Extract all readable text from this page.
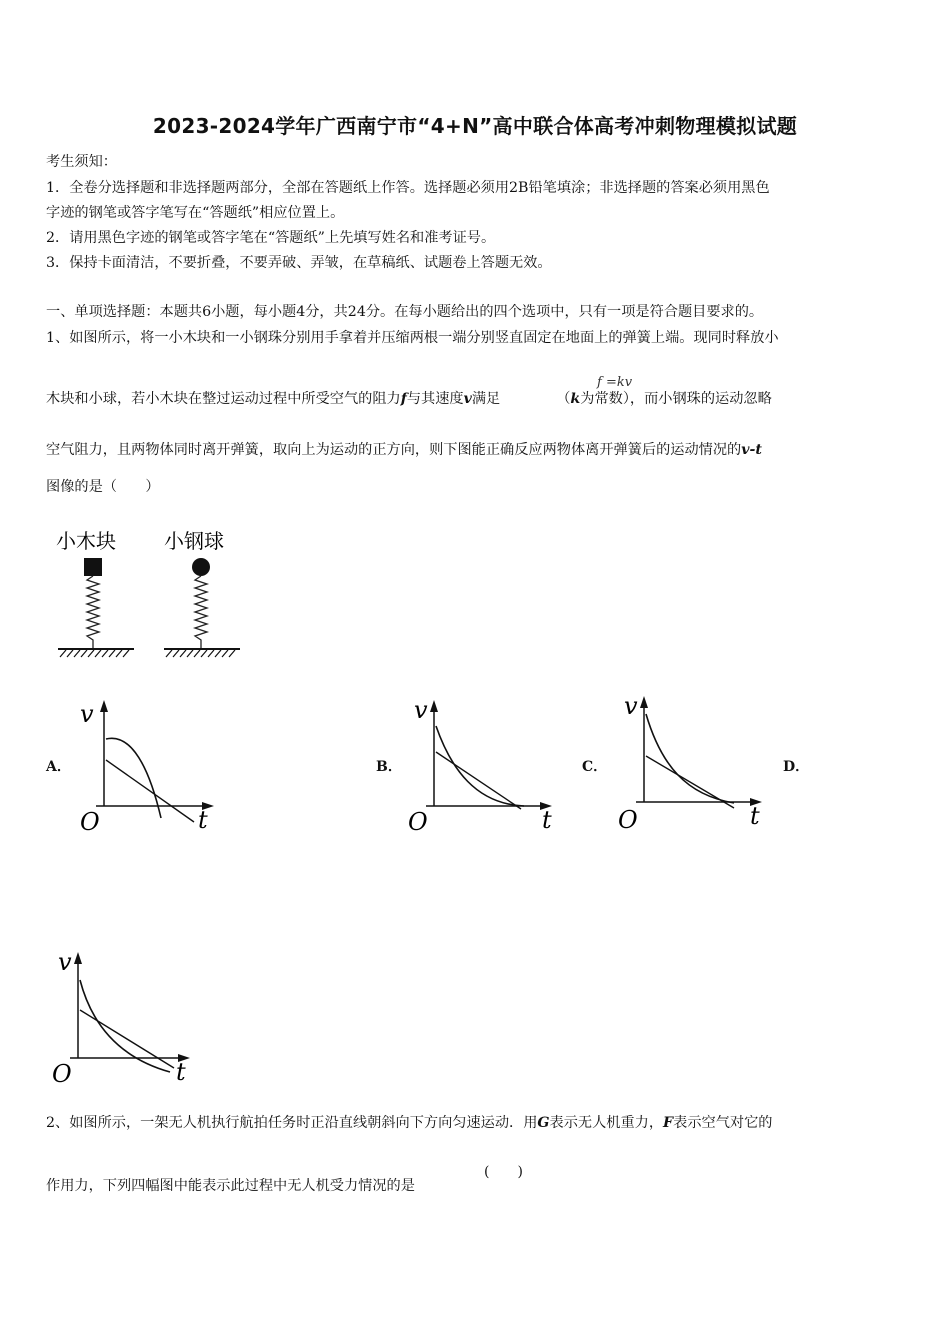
2023-2024学年广西南宁市“4+N”高中联合体高考冲刺物理模拟试题
考生须知：
1．全卷分选择题和非选择题两部分，全部在答题纸上作答。选择题必须用2B铅笔填涂；非选择题的答案必须用黑色
字迹的钢笔或答字笔写在“答题纸”相应位置上。
2．请用黑色字迹的钢笔或答字笔在“答题纸”上先填写姓名和准考证号。
3．保持卡面清洁，不要折叠，不要弄破、弄皱，在草稿纸、试题卷上答题无效。
一、单项选择题：本题共6小题，每小题4分，共24分。在每小题给出的四个选项中，只有一项是符合题目要求的。
1、如图所示，将一小木块和一小钢珠分别用手拿着并压缩两根一端分别竖直固定在地面上的弹簧上端。现同时释放小
木块和小球，若小木块在整过运动过程中所受空气的阻力f与其速度v满足	（k为常数），而小钢珠的运动忽略
f =kv
空气阻力，且两物体同时离开弹簧，取向上为运动的正方向，则下图能正确反应两物体离开弹簧后的运动情况的v-t
图像的是（　　）
小木块 小钢球
A．	B．	C．	D．
v
O	t
v
O	t
v
O	t
v
O	t
2、如图所示，一架无人机执行航拍任务时正沿直线朝斜向下方向匀速运动．用G表示无人机重力，F表示空气对它的
作用力，下列四幅图中能表示此过程中无人机受力情况的是
(　　)
